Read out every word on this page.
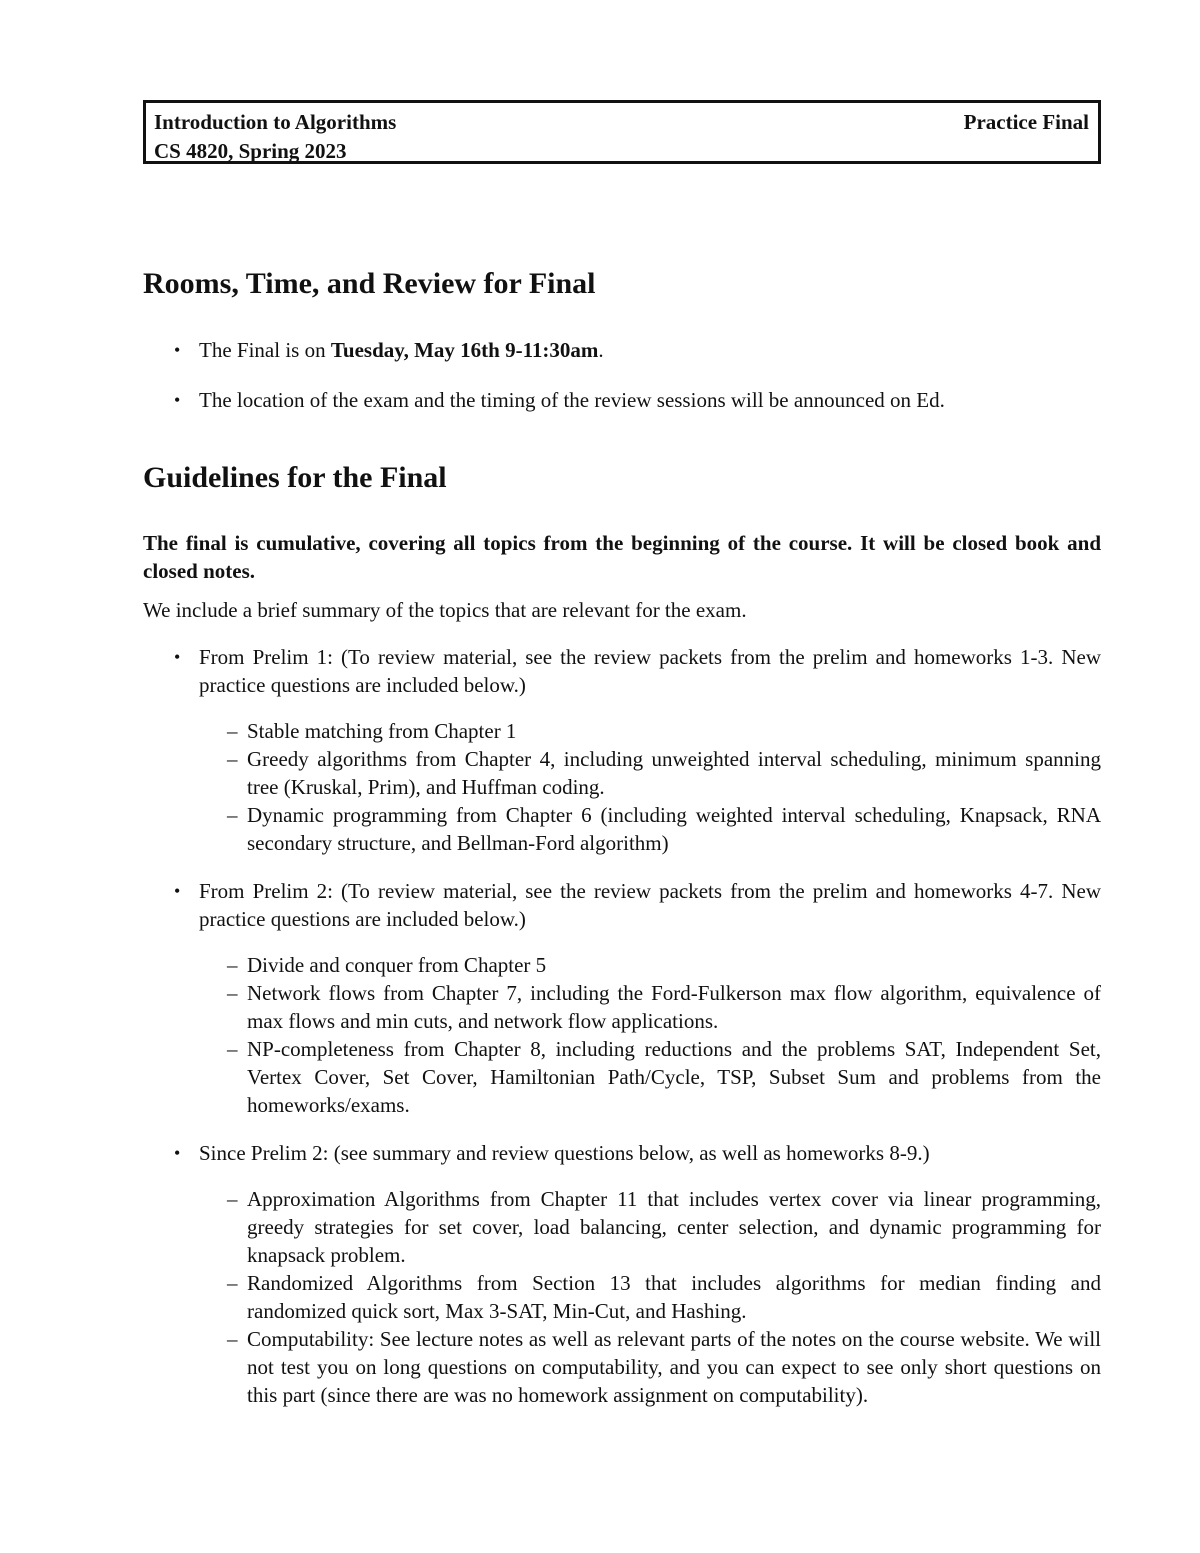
Introduction to Algorithms
CS 4820, Spring 2023
Practice Final
Rooms, Time, and Review for Final
• The Final is on Tuesday, May 16th 9-11:30am.
• The location of the exam and the timing of the review sessions will be announced on Ed.
Guidelines for the Final

The final is cumulative, covering all topics from the beginning of the course. It will be closed book and closed notes.

We include a brief summary of the topics that are relevant for the exam.

• From Prelim 1: (To review material, see the review packets from the prelim and homeworks 1-3. New practice questions are included below.)
– Stable matching from Chapter 1
– Greedy algorithms from Chapter 4, including unweighted interval scheduling, minimum spanning tree (Kruskal, Prim), and Huffman coding.
– Dynamic programming from Chapter 6 (including weighted interval scheduling, Knapsack, RNA secondary structure, and Bellman-Ford algorithm)
• From Prelim 2: (To review material, see the review packets from the prelim and homeworks 4-7. New practice questions are included below.)
– Divide and conquer from Chapter 5
– Network flows from Chapter 7, including the Ford-Fulkerson max flow algorithm, equivalence of max flows and min cuts, and network flow applications.
– NP-completeness from Chapter 8, including reductions and the problems SAT, Independent Set, Vertex Cover, Set Cover, Hamiltonian Path/Cycle, TSP, Subset Sum and problems from the homeworks/exams.
• Since Prelim 2: (see summary and review questions below, as well as homeworks 8-9.)
– Approximation Algorithms from Chapter 11 that includes vertex cover via linear programming, greedy strategies for set cover, load balancing, center selection, and dynamic programming for knapsack problem.
– Randomized Algorithms from Section 13 that includes algorithms for median finding and randomized quick sort, Max 3-SAT, Min-Cut, and Hashing.
– Computability: See lecture notes as well as relevant parts of the notes on the course website. We will not test you on long questions on computability, and you can expect to see only short questions on this part (since there are was no homework assignment on computability).
